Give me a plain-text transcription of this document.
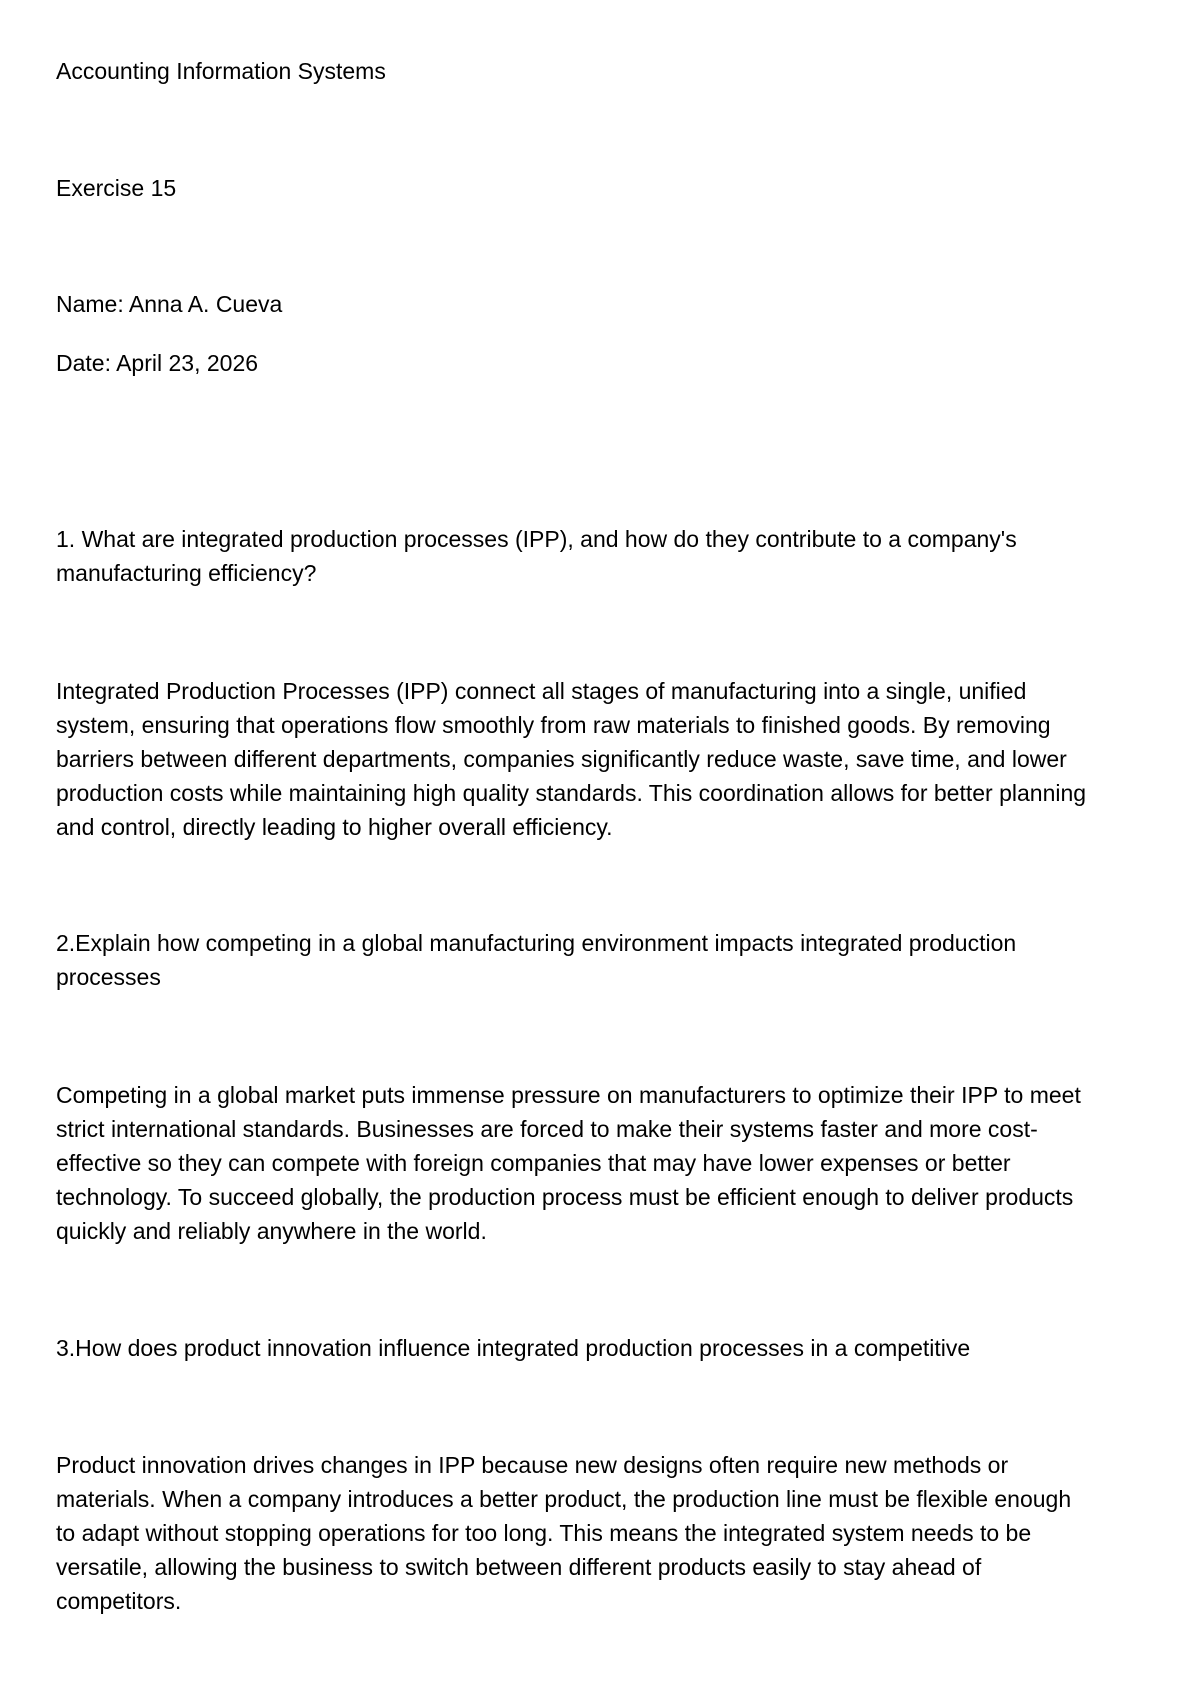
Accounting Information Systems
Exercise 15
Name: Anna A. Cueva
Date: April 23, 2026
1. What are integrated production processes (IPP), and how do they contribute to a company's
manufacturing efficiency?
Integrated Production Processes (IPP) connect all stages of manufacturing into a single, unified
system, ensuring that operations flow smoothly from raw materials to finished goods. By removing
barriers between different departments, companies significantly reduce waste, save time, and lower
production costs while maintaining high quality standards. This coordination allows for better planning
and control, directly leading to higher overall efficiency.
2.Explain how competing in a global manufacturing environment impacts integrated production
processes
Competing in a global market puts immense pressure on manufacturers to optimize their IPP to meet
strict international standards. Businesses are forced to make their systems faster and more cost-
effective so they can compete with foreign companies that may have lower expenses or better
technology. To succeed globally, the production process must be efficient enough to deliver products
quickly and reliably anywhere in the world.
3.How does product innovation influence integrated production processes in a competitive
Product innovation drives changes in IPP because new designs often require new methods or
materials. When a company introduces a better product, the production line must be flexible enough
to adapt without stopping operations for too long. This means the integrated system needs to be
versatile, allowing the business to switch between different products easily to stay ahead of
competitors.
